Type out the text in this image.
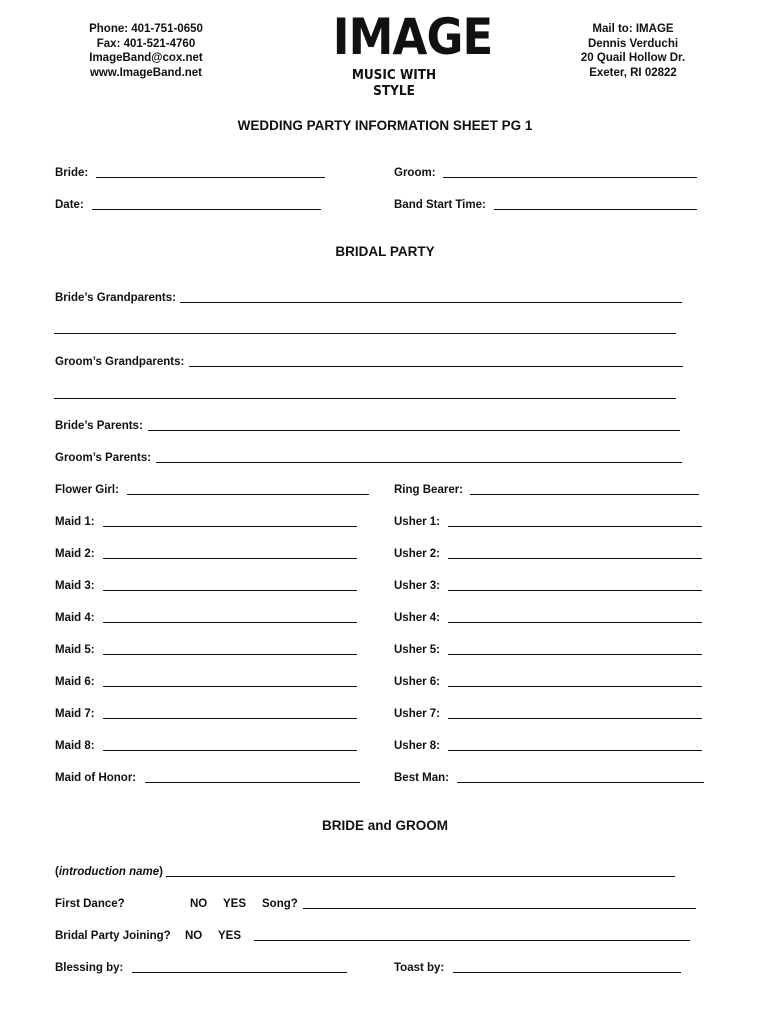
Phone: 401-751-0650
Fax: 401-521-4760
ImageBand@cox.net
www.ImageBand.net
IMAGE
MUSIC WITH STYLE
Mail to: IMAGE
Dennis Verduchi
20 Quail Hollow Dr.
Exeter, RI 02822
WEDDING PARTY INFORMATION SHEET PG 1
Bride:	Groom:
Date:	Band Start Time:
BRIDAL PARTY
Bride’s Grandparents:
Groom’s Grandparents:
Bride’s Parents:
Groom’s Parents:
Flower Girl:	Ring Bearer:
Maid 1:	Usher 1:
Maid 2:	Usher 2:
Maid 3:	Usher 3:
Maid 4:	Usher 4:
Maid 5:	Usher 5:
Maid 6:	Usher 6:
Maid 7:	Usher 7:
Maid 8:	Usher 8:
Maid of Honor:	Best Man:
BRIDE and GROOM
(introduction name)
First Dance?	NO YES Song?
Bridal Party Joining? NO YES
Blessing by:	Toast by:
